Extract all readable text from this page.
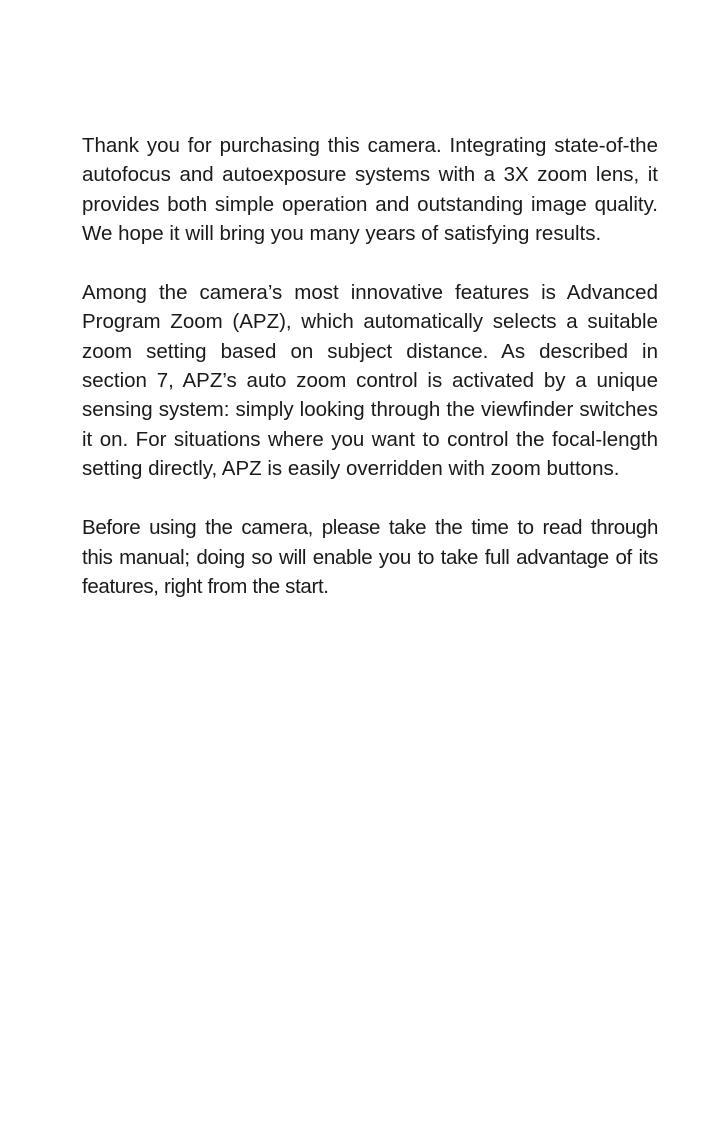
Thank you for purchasing this camera. Integrating state-of-the autofocus and autoexposure systems with a 3X zoom lens, it provides both simple operation and outstanding image quality. We hope it will bring you many years of satisfying results.

Among the camera’s most innovative features is Advanced Program Zoom (APZ), which automatically selects a suitable zoom setting based on subject distance. As described in section 7, APZ’s auto zoom control is activated by a unique sensing system: simply looking through the viewfinder switches it on. For situations where you want to control the focal-length setting directly, APZ is easily overridden with zoom buttons.

Before using the camera, please take the time to read through this manual; doing so will enable you to take full advantage of its features, right from the start.
